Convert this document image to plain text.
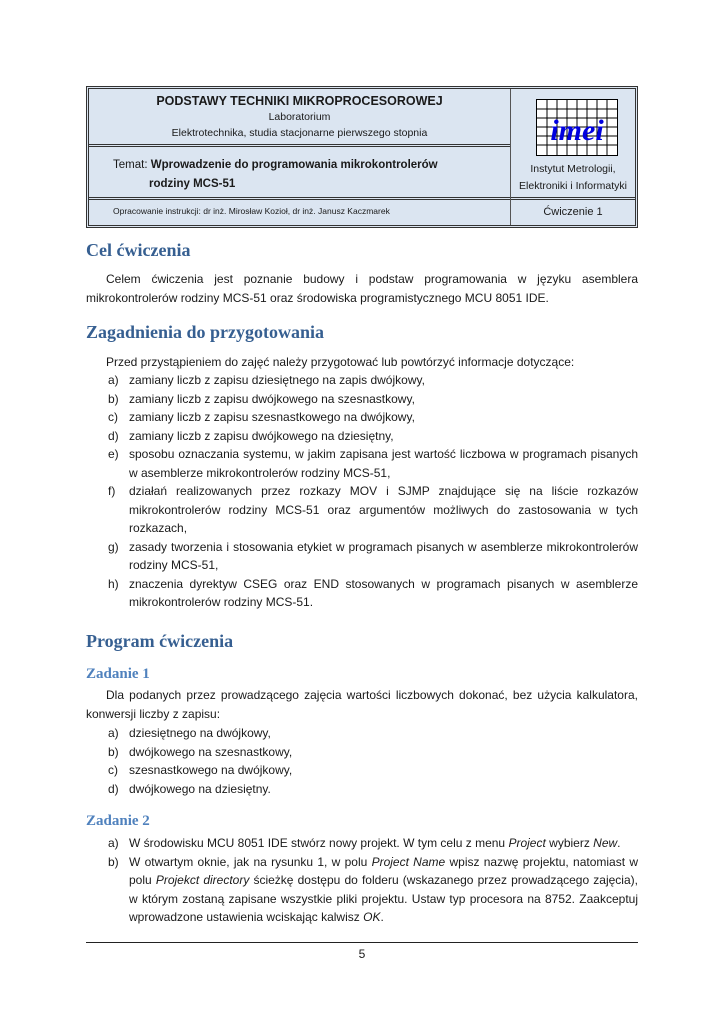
PODSTAWY TECHNIKI MIKROPROCESOROWEJ
Laboratorium
Elektrotechnika, studia stacjonarne pierwszego stopnia
Temat: Wprowadzenie do programowania mikrokontrolerów
rodziny MCS-51
Opracowanie instrukcji: dr inż. Mirosław Kozioł, dr inż. Janusz Kaczmarek
imei
Instytut Metrologii,
Elektroniki i Informatyki
Ćwiczenie 1
Cel ćwiczenia

Celem ćwiczenia jest poznanie budowy i podstaw programowania w języku asemblera mikrokontrolerów rodziny MCS-51 oraz środowiska programistycznego MCU 8051 IDE.

Zagadnienia do przygotowania

Przed przystąpieniem do zajęć należy przygotować lub powtórzyć informacje dotyczące:

a) zamiany liczb z zapisu dziesiętnego na zapis dwójkowy,
b) zamiany liczb z zapisu dwójkowego na szesnastkowy,
c) zamiany liczb z zapisu szesnastkowego na dwójkowy,
d) zamiany liczb z zapisu dwójkowego na dziesiętny,
e) sposobu oznaczania systemu, w jakim zapisana jest wartość liczbowa w programach pisanych w asemblerze mikrokontrolerów rodziny MCS-51,
f) działań realizowanych przez rozkazy MOV i SJMP znajdujące się na liście rozkazów mikrokontrolerów rodziny MCS-51 oraz argumentów możliwych do zastosowania w tych rozkazach,
g) zasady tworzenia i stosowania etykiet w programach pisanych w asemblerze mikrokontrolerów rodziny MCS-51,
h) znaczenia dyrektyw CSEG oraz END stosowanych w programach pisanych w asemblerze mikrokontrolerów rodziny MCS-51.
Program ćwiczenia
Zadanie 1

Dla podanych przez prowadzącego zajęcia wartości liczbowych dokonać, bez użycia kalkulatora, konwersji liczby z zapisu:

a) dziesiętnego na dwójkowy,
b) dwójkowego na szesnastkowy,
c) szesnastkowego na dwójkowy,
d) dwójkowego na dziesiętny.
Zadanie 2
a) W środowisku MCU 8051 IDE stwórz nowy projekt. W tym celu z menu Project wybierz New.
b) W otwartym oknie, jak na rysunku 1, w polu Project Name wpisz nazwę projektu, natomiast w polu Projekct directory ścieżkę dostępu do folderu (wskazanego przez prowadzącego zajęcia), w którym zostaną zapisane wszystkie pliki projektu. Ustaw typ procesora na 8752. Zaakceptuj wprowadzone ustawienia wciskając kalwisz OK.
5
